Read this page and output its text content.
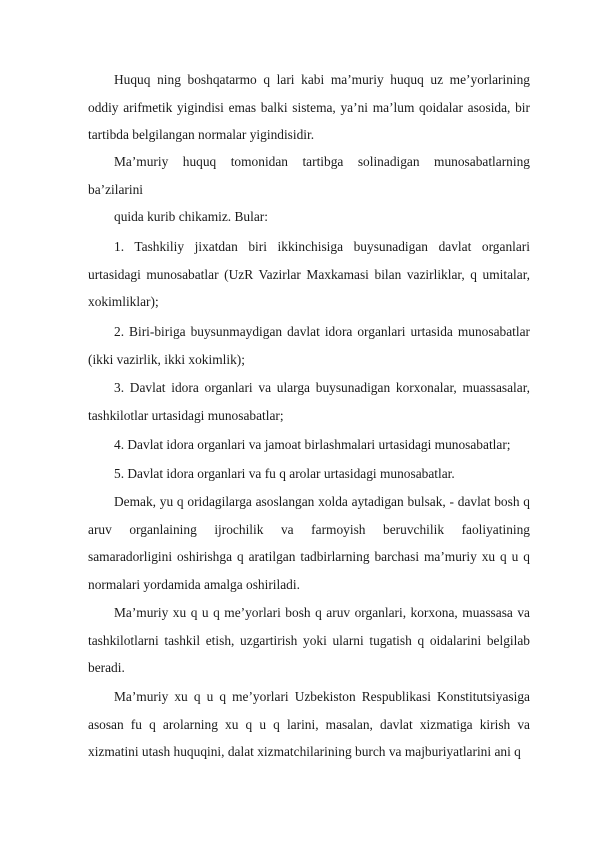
Huquq ning boshqatarmo q lari kabi ma’muriy huquq uz me’yorlarining oddiy arifmetik yigindisi emas balki sistema, ya’ni ma’lum qoidalar asosida, bir tartibda belgilangan normalar yigindisidir.

Ma’muriy huquq tomonidan tartibga solinadigan munosabatlarning ba’zilarini

quida kurib chikamiz. Bular:

1. Tashkiliy jixatdan biri ikkinchisiga buysunadigan davlat organlari urtasidagi munosabatlar (UzR Vazirlar Maxkamasi bilan vazirliklar, q umitalar, xokimliklar);

2. Biri-biriga buysunmaydigan davlat idora organlari urtasida munosabatlar (ikki vazirlik, ikki xokimlik);

3. Davlat idora organlari va ularga buysunadigan korxonalar, muassasalar, tashkilotlar urtasidagi munosabatlar;

4. Davlat idora organlari va jamoat birlashmalari urtasidagi munosabatlar;

5. Davlat idora organlari va fu q arolar urtasidagi munosabatlar.

Demak, yu q oridagilarga asoslangan xolda aytadigan bulsak, - davlat bosh q aruv organlaining ijrochilik va farmoyish beruvchilik faoliyatining samaradorligini oshirishga q aratilgan tadbirlarning barchasi ma’muriy xu q u q normalari yordamida amalga oshiriladi.

Ma’muriy xu q u q me’yorlari bosh q aruv organlari, korxona, muassasa va tashkilotlarni tashkil etish, uzgartirish yoki ularni tugatish q oidalarini belgilab beradi.

Ma’muriy xu q u q me’yorlari Uzbekiston Respublikasi Konstitutsiyasiga asosan fu q arolarning xu q u q larini, masalan, davlat xizmatiga kirish va xizmatini utash huquqini, dalat xizmatchilarining burch va majburiyatlarini ani q
